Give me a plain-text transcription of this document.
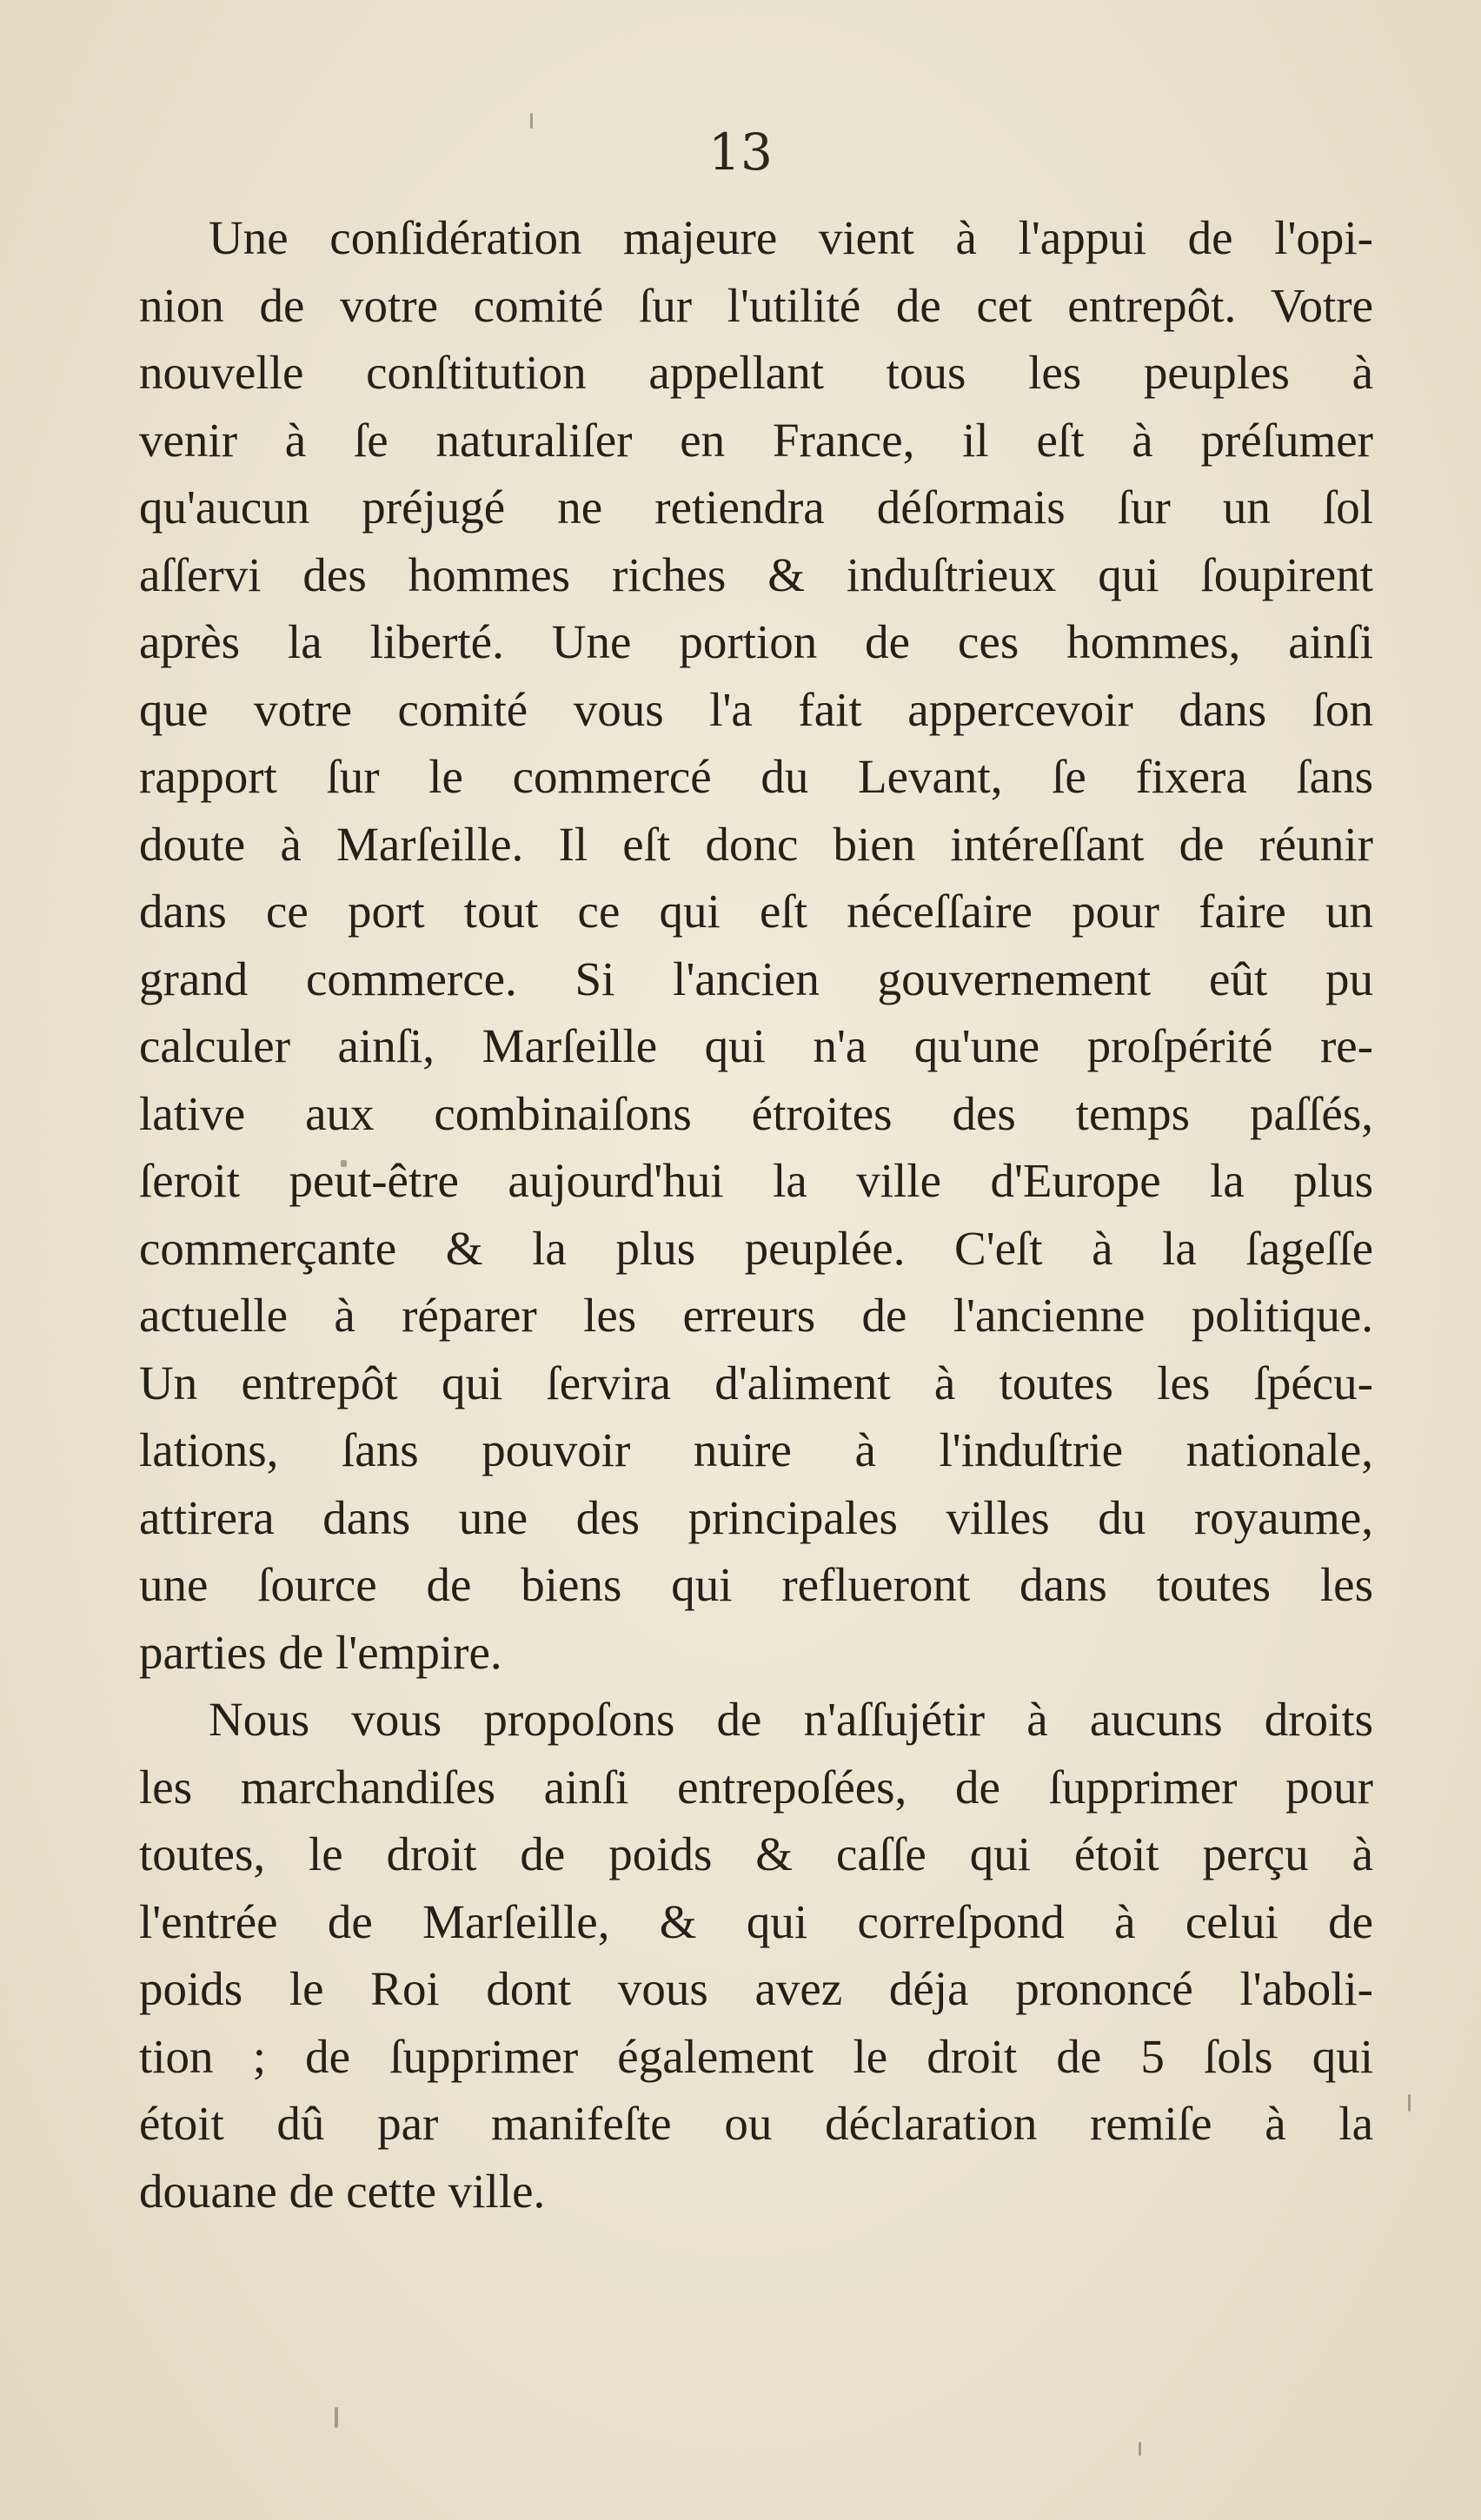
13

Une conſidération majeure vient à l'appui de l'opi-
nion de votre comité ſur l'utilité de cet entrepôt. Votre
nouvelle conſtitution appellant tous les peuples à
venir à ſe naturaliſer en France, il eſt à préſumer
qu'aucun préjugé ne retiendra déſormais ſur un ſol
aſſervi des hommes riches & induſtrieux qui ſoupirent
après la liberté. Une portion de ces hommes, ainſi
que votre comité vous l'a fait appercevoir dans ſon
rapport ſur le commercé du Levant, ſe fixera ſans
doute à Marſeille. Il eſt donc bien intéreſſant de réunir
dans ce port tout ce qui eſt néceſſaire pour faire un
grand commerce. Si l'ancien gouvernement eût pu
calculer ainſi, Marſeille qui n'a qu'une proſpérité re-
lative aux combinaiſons étroites des temps paſſés,
ſeroit peut-être aujourd'hui la ville d'Europe la plus
commerçante & la plus peuplée. C'eſt à la ſageſſe
actuelle à réparer les erreurs de l'ancienne politique.
Un entrepôt qui ſervira d'aliment à toutes les ſpécu-
lations, ſans pouvoir nuire à l'induſtrie nationale,
attirera dans une des principales villes du royaume,
une ſource de biens qui reflueront dans toutes les
parties de l'empire.

Nous vous propoſons de n'aſſujétir à aucuns droits
les marchandiſes ainſi entrepoſées, de ſupprimer pour
toutes, le droit de poids & caſſe qui étoit perçu à
l'entrée de Marſeille, & qui correſpond à celui de
poids le Roi dont vous avez déja prononcé l'aboli-
tion ; de ſupprimer également le droit de 5 ſols qui
étoit dû par manifeſte ou déclaration remiſe à la
douane de cette ville.
